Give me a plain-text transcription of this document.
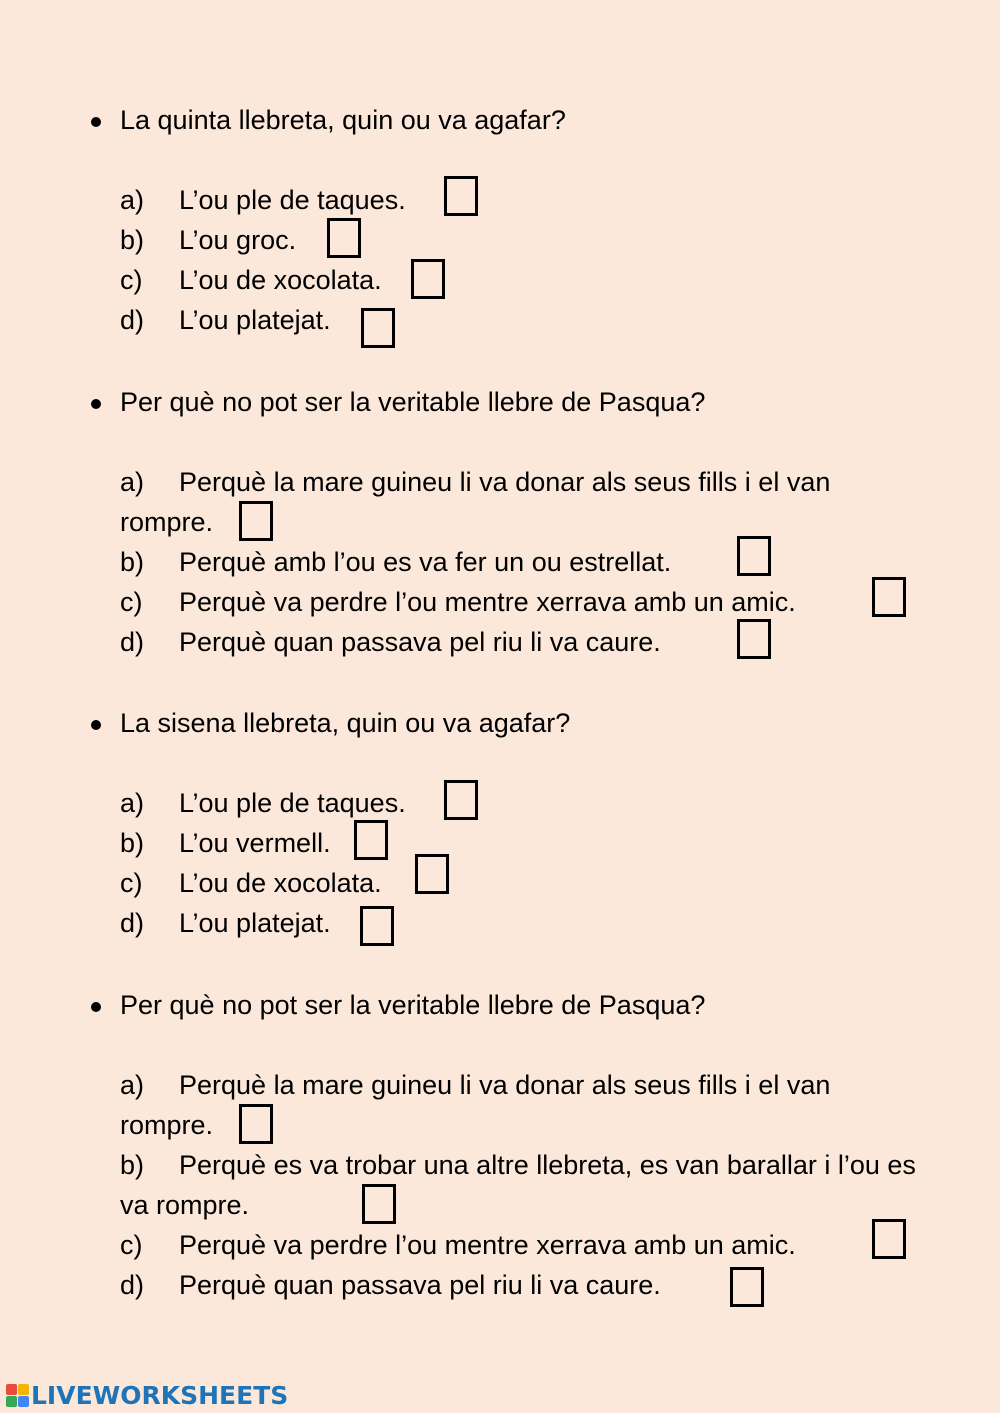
La quinta llebreta, quin ou va agafar?
a) L’ou ple de taques.
b) L’ou groc.
c) L’ou de xocolata.
d) L’ou platejat.
Per què no pot ser la veritable llebre de Pasqua?
a) Perquè la mare guineu li va donar als seus fills i el van rompre.
b) Perquè amb l’ou es va fer un ou estrellat.
c) Perquè va perdre l’ou mentre xerrava amb un amic.
d) Perquè quan passava pel riu li va caure.
La sisena llebreta, quin ou va agafar?
a) L’ou ple de taques.
b) L’ou vermell.
c) L’ou de xocolata.
d) L’ou platejat.
Per què no pot ser la veritable llebre de Pasqua?
a) Perquè la mare guineu li va donar als seus fills i el van rompre.
b) Perquè es va trobar una altre llebreta, es van barallar i l’ou es va rompre.
c) Perquè va perdre l’ou mentre xerrava amb un amic.
d) Perquè quan passava pel riu li va caure.
LIVEWORKSHEETS
